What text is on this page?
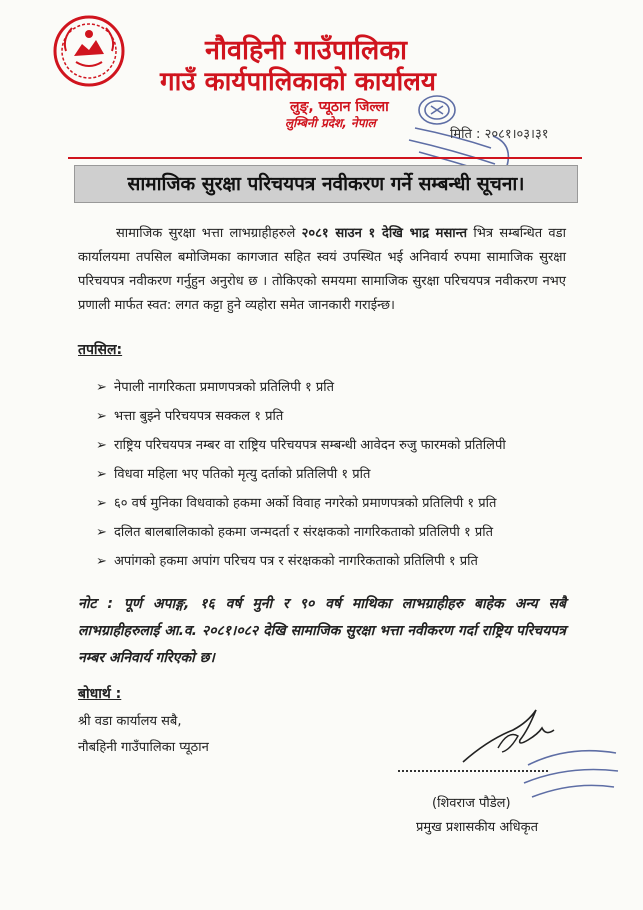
नौवहिनी गाउँपालिका
गाउँ कार्यपालिकाको कार्यालय
लुङ्, प्यूठान जिल्ला
लुम्बिनी प्रदेश, नेपाल
मिति : २०८१।०३।३१
सामाजिक सुरक्षा परिचयपत्र नवीकरण गर्ने सम्बन्धी सूचना।
सामाजिक सुरक्षा भत्ता लाभग्राहीहरुले २०८१ साउन १ देखि भाद्र मसान्त भित्र सम्बन्धित वडा कार्यालयमा तपसिल बमोजिमका कागजात सहित स्वयं उपस्थित भई अनिवार्य रुपमा सामाजिक सुरक्षा परिचयपत्र नवीकरण गर्नुहुन अनुरोध छ । तोकिएको समयमा सामाजिक सुरक्षा परिचयपत्र नवीकरण नभए प्रणाली मार्फत स्वत: लगत कट्टा हुने व्यहोरा समेत जानकारी गराईन्छ।
तपसिल:
➢ नेपाली नागरिकता प्रमाणपत्रको प्रतिलिपी १ प्रति
➢ भत्ता बुझ्ने परिचयपत्र सक्कल १ प्रति
➢ राष्ट्रिय परिचयपत्र नम्बर वा राष्ट्रिय परिचयपत्र सम्बन्धी आवेदन रुजु फारमको प्रतिलिपी
➢ विधवा महिला भए पतिको मृत्यु दर्ताको प्रतिलिपी १ प्रति
➢ ६० वर्ष मुनिका विधवाको हकमा अर्को विवाह नगरेको प्रमाणपत्रको प्रतिलिपी १ प्रति
➢ दलित बालबालिकाको हकमा जन्मदर्ता र संरक्षकको नागरिकताको प्रतिलिपी १ प्रति
➢ अपांगको हकमा अपांग परिचय पत्र र संरक्षकको नागरिकताको प्रतिलिपी १ प्रति
नोट : पूर्ण अपाङ्ग, १६ वर्ष मुनी र ९० वर्ष माथिका लाभग्राहीहरु बाहेक अन्य सबै लाभग्राहीहरुलाई आ.व. २०८१।०८२ देखि सामाजिक सुरक्षा भत्ता नवीकरण गर्दा राष्ट्रिय परिचयपत्र नम्बर अनिवार्य गरिएको छ।
बोधार्थ :
श्री वडा कार्यालय सबै,
नौबहिनी गाउँपालिका प्यूठान
(शिवराज पौडेल)
प्रमुख प्रशासकीय अधिकृत
